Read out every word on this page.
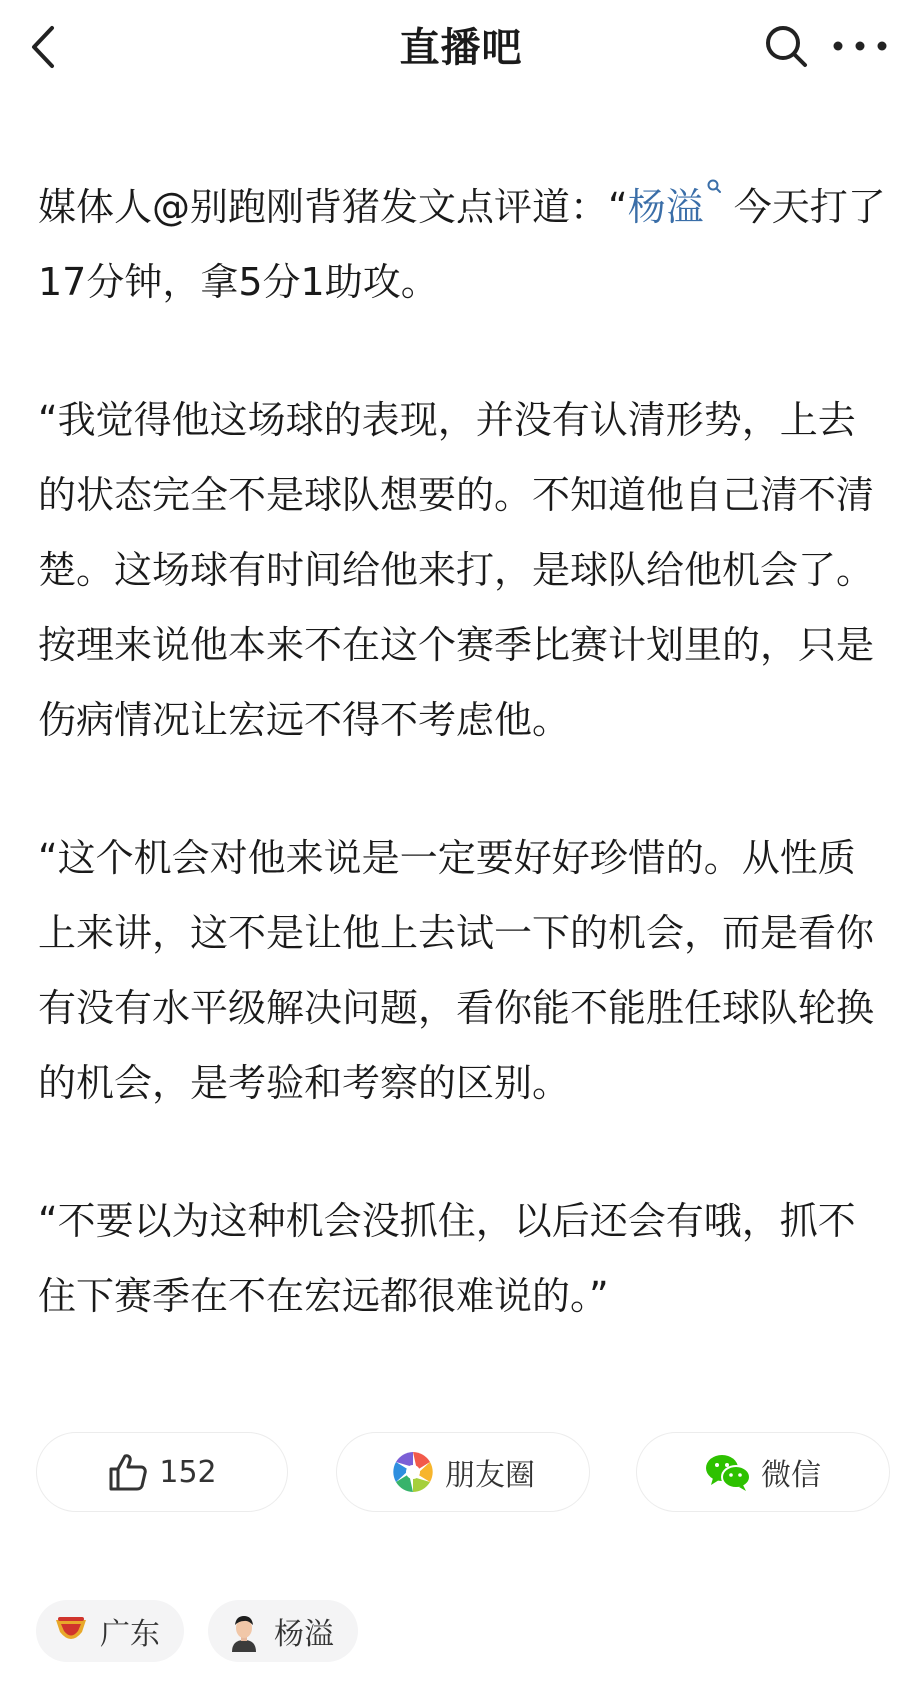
直播吧

媒体人@别跑刚背猪发文点评道：“杨溢 今天打了17分钟，拿5分1助攻。

“我觉得他这场球的表现，并没有认清形势，上去的状态完全不是球队想要的。不知道他自己清不清楚。这场球有时间给他来打，是球队给他机会了。按理来说他本来不在这个赛季比赛计划里的，只是伤病情况让宏远不得不考虑他。

“这个机会对他来说是一定要好好珍惜的。从性质上来讲，这不是让他上去试一下的机会，而是看你有没有水平级解决问题，看你能不能胜任球队轮换的机会，是考验和考察的区别。

“不要以为这种机会没抓住，以后还会有哦，抓不住下赛季在不在宏远都很难说的。”

152	朋友圈	微信
广东	杨溢
